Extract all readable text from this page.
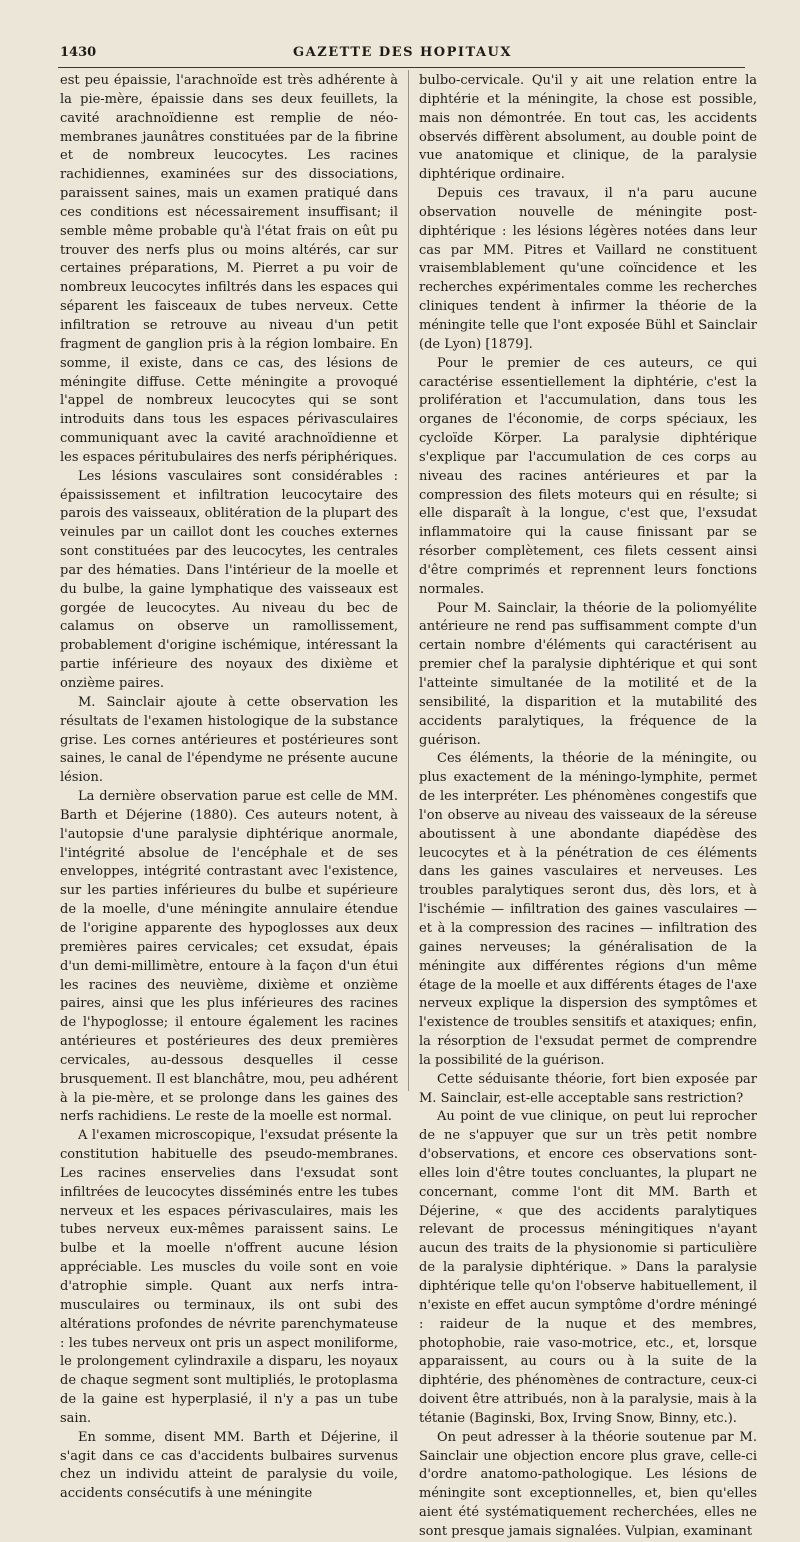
1430	GAZETTE DES HOPITAUX

est peu épaissie, l'arachnoïde est très adhérente à la pie-mère, épaissie dans ses deux feuillets, la cavité arachnoïdienne est remplie de néo-membranes jaunâtres constituées par de la fibrine et de nombreux leucocytes. Les racines rachidiennes, examinées sur des dissociations, paraissent saines, mais un examen pratiqué dans ces conditions est nécessairement insuffisant; il semble même probable qu'à l'état frais on eût pu trouver des nerfs plus ou moins altérés, car sur certaines préparations, M. Pierret a pu voir de nombreux leucocytes infiltrés dans les espaces qui séparent les faisceaux de tubes nerveux. Cette infiltration se retrouve au niveau d'un petit fragment de ganglion pris à la région lombaire. En somme, il existe, dans ce cas, des lésions de méningite diffuse. Cette méningite a provoqué l'appel de nombreux leucocytes qui se sont introduits dans tous les espaces périvasculaires communiquant avec la cavité arachnoïdienne et les espaces péritubulaires des nerfs périphériques.

Les lésions vasculaires sont considérables : épaississement et infiltration leucocytaire des parois des vaisseaux, oblitération de la plupart des veinules par un caillot dont les couches externes sont constituées par des leucocytes, les centrales par des hématies. Dans l'intérieur de la moelle et du bulbe, la gaine lymphatique des vaisseaux est gorgée de leucocytes. Au niveau du bec de calamus on observe un ramollissement, probablement d'origine ischémique, intéressant la partie inférieure des noyaux des dixième et onzième paires.

M. Sainclair ajoute à cette observation les résultats de l'examen histologique de la substance grise. Les cornes antérieures et postérieures sont saines, le canal de l'épendyme ne présente aucune lésion.

La dernière observation parue est celle de MM. Barth et Déjerine (1880). Ces auteurs notent, à l'autopsie d'une paralysie diphtérique anormale, l'intégrité absolue de l'encéphale et de ses enveloppes, intégrité contrastant avec l'existence, sur les parties inférieures du bulbe et supérieure de la moelle, d'une méningite annulaire étendue de l'origine apparente des hypoglosses aux deux premières paires cervicales; cet exsudat, épais d'un demi-millimètre, entoure à la façon d'un étui les racines des neuvième, dixième et onzième paires, ainsi que les plus inférieures des racines de l'hypoglosse; il entoure également les racines antérieures et postérieures des deux premières cervicales, au-dessous desquelles il cesse brusquement. Il est blanchâtre, mou, peu adhérent à la pie-mère, et se prolonge dans les gaines des nerfs rachidiens. Le reste de la moelle est normal.

A l'examen microscopique, l'exsudat présente la constitution habituelle des pseudo-membranes. Les racines enservelies dans l'exsudat sont infiltrées de leucocytes disséminés entre les tubes nerveux et les espaces périvasculaires, mais les tubes nerveux eux-mêmes paraissent sains. Le bulbe et la moelle n'offrent aucune lésion appréciable. Les muscles du voile sont en voie d'atrophie simple. Quant aux nerfs intra-musculaires ou terminaux, ils ont subi des altérations profondes de névrite parenchymateuse : les tubes nerveux ont pris un aspect moniliforme, le prolongement cylindraxile a disparu, les noyaux de chaque segment sont multipliés, le protoplasma de la gaine est hyperplasié, il n'y a pas un tube sain.

En somme, disent MM. Barth et Déjerine, il s'agit dans ce cas d'accidents bulbaires survenus chez un individu atteint de paralysie du voile, accidents consécutifs à une méningite

bulbo-cervicale. Qu'il y ait une relation entre la diphtérie et la méningite, la chose est possible, mais non démontrée. En tout cas, les accidents observés diffèrent absolument, au double point de vue anatomique et clinique, de la paralysie diphtérique ordinaire.

Depuis ces travaux, il n'a paru aucune observation nouvelle de méningite post-diphtérique : les lésions légères notées dans leur cas par MM. Pitres et Vaillard ne constituent vraisemblablement qu'une coïncidence et les recherches expérimentales comme les recherches cliniques tendent à infirmer la théorie de la méningite telle que l'ont exposée Bühl et Sainclair (de Lyon) [1879].

Pour le premier de ces auteurs, ce qui caractérise essentiellement la diphtérie, c'est la prolifération et l'accumulation, dans tous les organes de l'économie, de corps spéciaux, les cycloïde Körper. La paralysie diphtérique s'explique par l'accumulation de ces corps au niveau des racines antérieures et par la compression des filets moteurs qui en résulte; si elle disparaît à la longue, c'est que, l'exsudat inflammatoire qui la cause finissant par se résorber complètement, ces filets cessent ainsi d'être comprimés et reprennent leurs fonctions normales.

Pour M. Sainclair, la théorie de la poliomyélite antérieure ne rend pas suffisamment compte d'un certain nombre d'éléments qui caractérisent au premier chef la paralysie diphtérique et qui sont l'atteinte simultanée de la motilité et de la sensibilité, la disparition et la mutabilité des accidents paralytiques, la fréquence de la guérison.

Ces éléments, la théorie de la méningite, ou plus exactement de la méningo-lymphite, permet de les interpréter. Les phénomènes congestifs que l'on observe au niveau des vaisseaux de la séreuse aboutissent à une abondante diapédèse des leucocytes et à la pénétration de ces éléments dans les gaines vasculaires et nerveuses. Les troubles paralytiques seront dus, dès lors, et à l'ischémie — infiltration des gaines vasculaires — et à la compression des racines — infiltration des gaines nerveuses; la généralisation de la méningite aux différentes régions d'un même étage de la moelle et aux différents étages de l'axe nerveux explique la dispersion des symptômes et l'existence de troubles sensitifs et ataxiques; enfin, la résorption de l'exsudat permet de comprendre la possibilité de la guérison.

Cette séduisante théorie, fort bien exposée par M. Sainclair, est-elle acceptable sans restriction?

Au point de vue clinique, on peut lui reprocher de ne s'appuyer que sur un très petit nombre d'observations, et encore ces observations sont-elles loin d'être toutes concluantes, la plupart ne concernant, comme l'ont dit MM. Barth et Déjerine, « que des accidents paralytiques relevant de processus méningitiques n'ayant aucun des traits de la physionomie si particulière de la paralysie diphtérique. » Dans la paralysie diphtérique telle qu'on l'observe habituellement, il n'existe en effet aucun symptôme d'ordre méningé : raideur de la nuque et des membres, photophobie, raie vaso-motrice, etc., et, lorsque apparaissent, au cours ou à la suite de la diphtérie, des phénomènes de contracture, ceux-ci doivent être attribués, non à la paralysie, mais à la tétanie (Baginski, Box, Irving Snow, Binny, etc.).

On peut adresser à la théorie soutenue par M. Sainclair une objection encore plus grave, celle-ci d'ordre anatomo-pathologique. Les lésions de méningite sont exceptionnelles, et, bien qu'elles aient été systématiquement recherchées, elles ne sont presque jamais signalées. Vulpian, examinant
